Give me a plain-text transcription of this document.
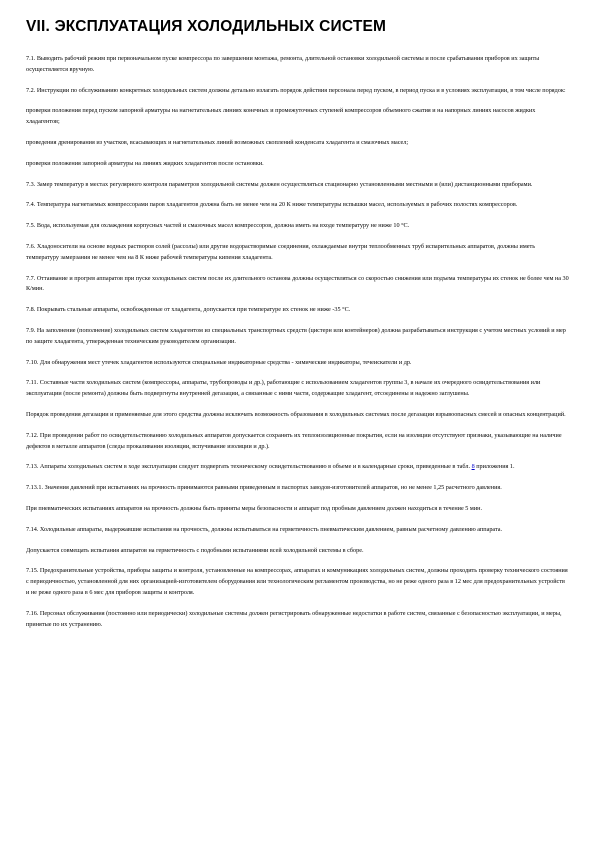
VII. ЭКСПЛУАТАЦИЯ ХОЛОДИЛЬНЫХ СИСТЕМ

7.1. Выводить рабочий режим при первоначальном пуске компрессора по завершении монтажа, ремонта, длительной остановки холодильной системы и после срабатывания приборов их защиты осуществляется вручную.

7.2. Инструкции по обслуживанию конкретных холодильных систем должны детально излагать порядок действия персонала перед пуском, в период пуска и в условиях эксплуатации, в том числе порядок:

проверки положения перед пуском запорной арматуры на нагнетательных линиях конечных и промежуточных ступеней компрессоров объемного сжатия и на напорных линиях насосов жидких хладагентов;

проведения дренирования из участков, всасывающих и нагнетательных линий возможных скоплений конденсата хладагента и смазочных масел;

проверки положения запорной арматуры на линиях жидких хладагентов после остановки.

7.3. Замер температур в местах регулярного контроля параметров холодильной системы должен осуществляться стационарно установленными местными и (или) дистанционными приборами.

7.4. Температура нагнетаемых компрессорами паров хладагентов должна быть не менее чем на 20 К ниже температуры вспышки масел, используемых в рабочих полостях компрессоров.

7.5. Вода, используемая для охлаждения корпусных частей и смазочных масел компрессоров, должна иметь на входе температуру не ниже 10 °C.

7.6. Хладоносители на основе водных растворов солей (рассолы) или другие водорастворимые соединения, охлаждаемые внутри теплообменных труб испарительных аппаратов, должны иметь температуру замерзания не менее чем на 8 К ниже рабочей температуры кипения хладагента.

7.7. Оттаивание и прогрев аппаратов при пуске холодильных систем после их длительного останова должны осуществляться со скоростью снижения или подъема температуры их стенок не более чем на 30 К/мин.

7.8. Покрывать стальные аппараты, освобожденные от хладагента, допускается при температуре их стенок не ниже -35 °C.

7.9. На заполнение (пополнение) холодильных систем хладагентом из специальных транспортных средств (цистерн или контейнеров) должна разрабатываться инструкция с учетом местных условий и мер по защите хладагента, утвержденная техническим руководителем организации.

7.10. Для обнаружения мест утечек хладагентов используются специальные индикаторные средства - химические индикаторы, течеискатели и др.

7.11. Составные части холодильных систем (компрессоры, аппараты, трубопроводы и др.), работающие с использованием хладагентов группы 3, в начале их очередного освидетельствования или эксплуатации (после ремонта) должны быть подвергнуты внутренней дегазации, а связанные с ними части, содержащие хладагент, отсоединены и надежно заглушены.

Порядок проведения дегазации и применяемые для этого средства должны исключать возможность образования в холодильных системах после дегазации взрывоопасных смесей и опасных концентраций.

7.12. При проведении работ по освидетельствованию холодильных аппаратов допускается сохранять их теплоизоляционные покрытия, если на изоляции отсутствуют признаки, указывающие на наличие дефектов в металле аппаратов (следы прокаливания изоляции, вспучивание изоляции и др.).

7.13. Аппараты холодильных систем в ходе эксплуатации следует подвергать техническому освидетельствованию в объеме и в календарные сроки, приведенные в табл. 8 приложения 1.

7.13.1. Значения давлений при испытаниях на прочность принимаются равными приведенным в паспортах заводов-изготовителей аппаратов, но не менее 1,25 расчетного давления.

При пневматических испытаниях аппаратов на прочность должны быть приняты меры безопасности и аппарат под пробным давлением должен находиться в течение 5 мин.

7.14. Холодильные аппараты, выдержавшие испытания на прочность, должны испытываться на герметичность пневматическим давлением, равным расчетному давлению аппарата.

Допускается совмещать испытания аппаратов на герметичность с подобными испытаниями всей холодильной системы в сборе.

7.15. Предохранительные устройства, приборы защиты и контроля, установленные на компрессорах, аппаратах и коммуникациях холодильных систем, должны проходить проверку технического состояния с периодичностью, установленной для них организацией-изготовителем оборудования или технологическим регламентом производства, но не реже одного раза в 12 мес для предохранительных устройств и не реже одного раза в 6 мес для приборов защиты и контроля.

7.16. Персонал обслуживания (постоянно или периодически) холодильные системы должен регистрировать обнаруженные недостатки в работе систем, связанные с безопасностью эксплуатации, и меры, принятые по их устранению.
